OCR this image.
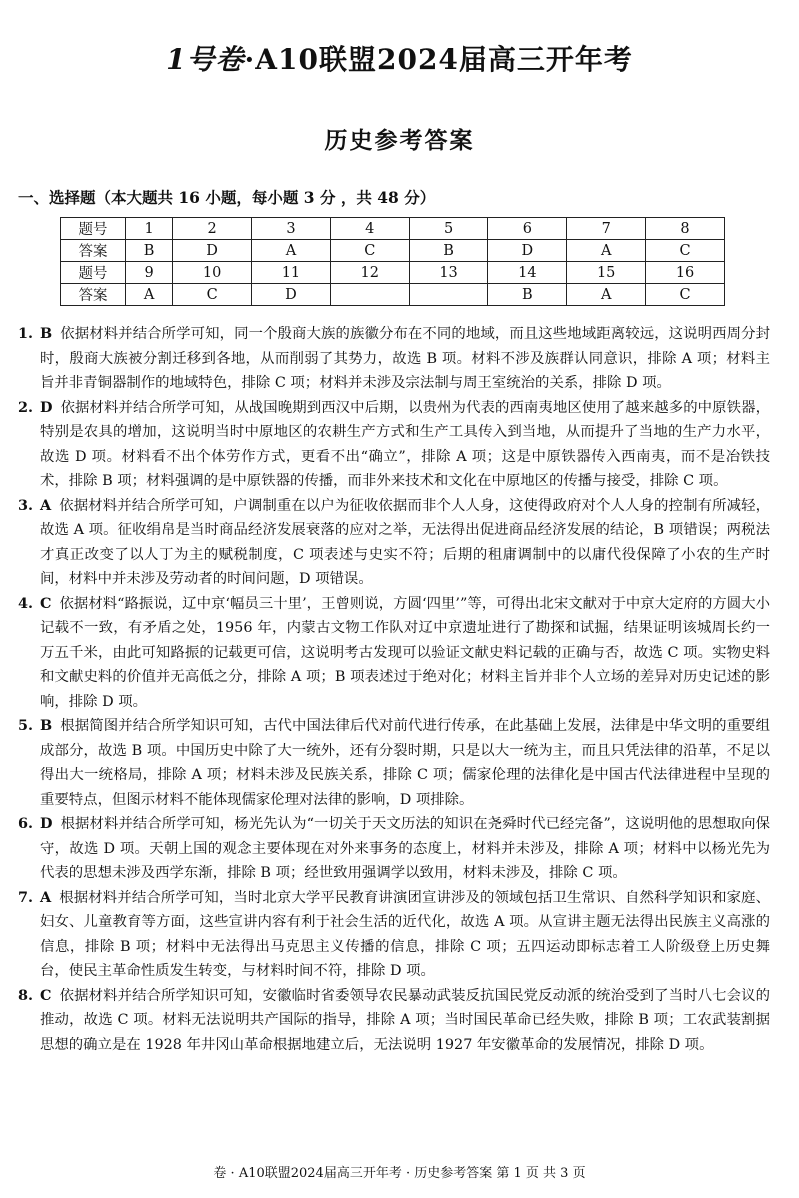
1号卷·A10联盟2024届高三开年考
历史参考答案
一、选择题（本大题共 16 小题，每小题 3 分 ，共 48 分）
题号	1	2	3	4	5	6	7	8
答案	B	D	A	C	B	D	A	C
题号	9	10	11	12	13	14	15	16
答案	A	C	D			B	A	C
1. B 依据材料并结合所学可知，同一个殷商大族的族徽分布在不同的地域，而且这些地域距离较远，这说明西周分封时，殷商大族被分割迁移到各地，从而削弱了其势力，故选 B 项。材料不涉及族群认同意识，排除 A 项；材料主旨并非青铜器制作的地域特色，排除 C 项；材料并未涉及宗法制与周王室统治的关系，排除 D 项。
2. D 依据材料并结合所学可知，从战国晚期到西汉中后期，以贵州为代表的西南夷地区使用了越来越多的中原铁器，特别是农具的增加，这说明当时中原地区的农耕生产方式和生产工具传入到当地，从而提升了当地的生产力水平，故选 D 项。材料看不出个体劳作方式，更看不出“确立”，排除 A 项；这是中原铁器传入西南夷，而不是冶铁技术，排除 B 项；材料强调的是中原铁器的传播，而非外来技术和文化在中原地区的传播与接受，排除 C 项。
3. A 依据材料并结合所学可知，户调制重在以户为征收依据而非个人人身，这使得政府对个人人身的控制有所减轻，故选 A 项。征收绢帛是当时商品经济发展衰落的应对之举，无法得出促进商品经济发展的结论，B 项错误；两税法才真正改变了以人丁为主的赋税制度，C 项表述与史实不符；后期的租庸调制中的以庸代役保障了小农的生产时间，材料中并未涉及劳动者的时间问题，D 项错误。
4. C 依据材料“路振说，辽中京‘幅员三十里’，王曾则说，方圆‘四里’”等，可得出北宋文献对于中京大定府的方圆大小记载不一致，有矛盾之处，1956 年，内蒙古文物工作队对辽中京遗址进行了勘探和试掘，结果证明该城周长约一万五千米，由此可知路振的记载更可信，这说明考古发现可以验证文献史料记载的正确与否，故选 C 项。实物史料和文献史料的价值并无高低之分，排除 A 项；B 项表述过于绝对化；材料主旨并非个人立场的差异对历史记述的影响，排除 D 项。
5. B 根据简图并结合所学知识可知，古代中国法律后代对前代进行传承，在此基础上发展，法律是中华文明的重要组成部分，故选 B 项。中国历史中除了大一统外，还有分裂时期，只是以大一统为主，而且只凭法律的沿革，不足以得出大一统格局，排除 A 项；材料未涉及民族关系，排除 C 项；儒家伦理的法律化是中国古代法律进程中呈现的重要特点，但图示材料不能体现儒家伦理对法律的影响，D 项排除。
6. D 根据材料并结合所学可知，杨光先认为“一切关于天文历法的知识在尧舜时代已经完备”，这说明他的思想取向保守，故选 D 项。天朝上国的观念主要体现在对外来事务的态度上，材料并未涉及，排除 A 项；材料中以杨光先为代表的思想未涉及西学东渐，排除 B 项；经世致用强调学以致用，材料未涉及，排除 C 项。
7. A 根据材料并结合所学可知，当时北京大学平民教育讲演团宣讲涉及的领域包括卫生常识、自然科学知识和家庭、妇女、儿童教育等方面，这些宣讲内容有利于社会生活的近代化，故选 A 项。从宣讲主题无法得出民族主义高涨的信息，排除 B 项；材料中无法得出马克思主义传播的信息，排除 C 项；五四运动即标志着工人阶级登上历史舞台，使民主革命性质发生转变，与材料时间不符，排除 D 项。
8. C 依据材料并结合所学知识可知，安徽临时省委领导农民暴动武装反抗国民党反动派的统治受到了当时八七会议的推动，故选 C 项。材料无法说明共产国际的指导，排除 A 项；当时国民革命已经失败，排除 B 项；工农武装割据思想的确立是在 1928 年井冈山革命根据地建立后，无法说明 1927 年安徽革命的发展情况，排除 D 项。
卷 · A10联盟2024届高三开年考 · 历史参考答案 第 1 页 共 3 页
